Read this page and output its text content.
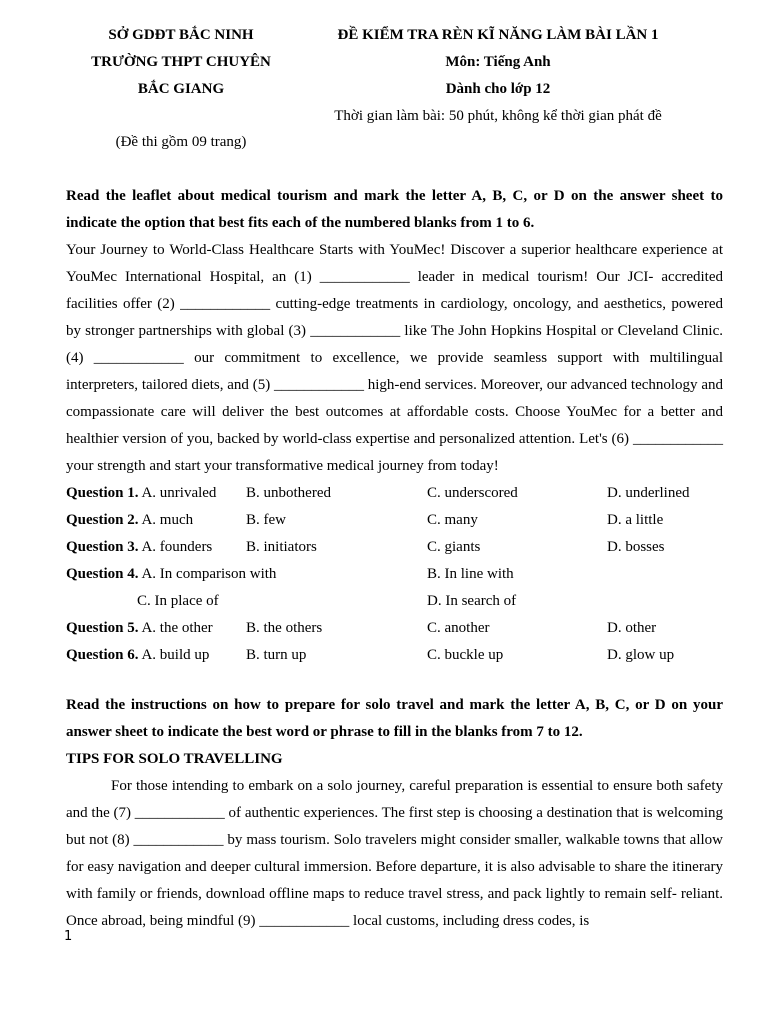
SỞ GDĐT BẮC NINH
TRƯỜNG THPT CHUYÊN
BẮC GIANG
(Đề thi gồm 09 trang)
ĐỀ KIỂM TRA RÈN KĨ NĂNG LÀM BÀI LẦN 1
Môn: Tiếng Anh
Dành cho lớp 12
Thời gian làm bài: 50 phút, không kể thời gian phát đề

Read the leaflet about medical tourism and mark the letter A, B, C, or D on the answer sheet to indicate the option that best fits each of the numbered blanks from 1 to 6.

Your Journey to World-Class Healthcare Starts with YouMec! Discover a superior healthcare experience at YouMec International Hospital, an (1) ____________ leader in medical tourism! Our JCI- accredited facilities offer (2) ____________ cutting-edge treatments in cardiology, oncology, and aesthetics, powered by stronger partnerships with global (3) ____________ like The John Hopkins Hospital or Cleveland Clinic. (4) ____________ our commitment to excellence, we provide seamless support with multilingual interpreters, tailored diets, and (5) ____________ high-end services. Moreover, our advanced technology and compassionate care will deliver the best outcomes at affordable costs. Choose YouMec for a better and healthier version of you, backed by world-class expertise and personalized attention. Let's (6) ____________ your strength and start your transformative medical journey from today!

Question 1. A. unrivaled B. unbothered	C. underscored	D. underlined
Question 2. A. much	B. few	C. many	D. a little
Question 3. A. founders B. initiators	C. giants	D. bosses
Question 4. A. In comparison with	B. In line with
C. In place of	D. In search of
Question 5. A. the other B. the others	C. another	D. other
Question 6. A. build up B. turn up	C. buckle up	D. glow up

Read the instructions on how to prepare for solo travel and mark the letter A, B, C, or D on your answer sheet to indicate the best word or phrase to fill in the blanks from 7 to 12.

TIPS FOR SOLO TRAVELLING

For those intending to embark on a solo journey, careful preparation is essential to ensure both safety and the (7) ____________ of authentic experiences. The first step is choosing a destination that is welcoming but not (8) ____________ by mass tourism. Solo travelers might consider smaller, walkable towns that allow for easy navigation and deeper cultural immersion. Before departure, it is also advisable to share the itinerary with family or friends, download offline maps to reduce travel stress, and pack lightly to remain self- reliant. Once abroad, being mindful (9) ____________ local customs, including dress codes, is

1
